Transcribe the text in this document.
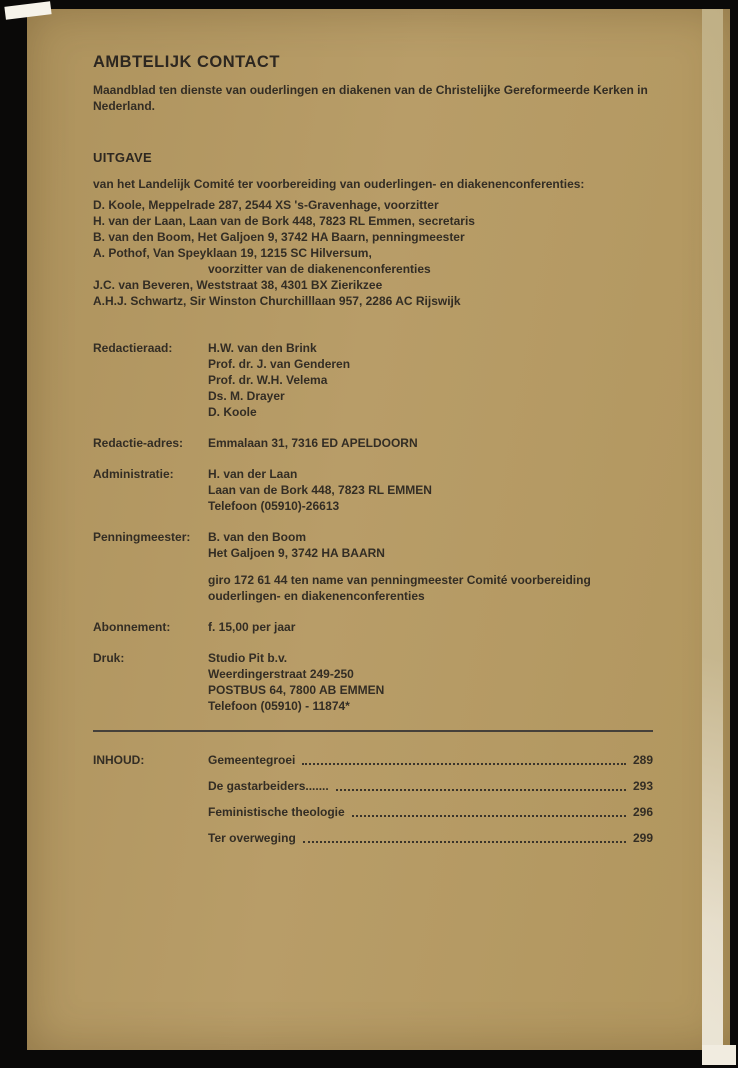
AMBTELIJK CONTACT

Maandblad ten dienste van ouderlingen en diakenen van de Christelijke Gereformeerde Kerken in Nederland.

UITGAVE

van het Landelijk Comité ter voorbereiding van ouderlingen- en diakenenconferenties:

D. Koole, Meppelrade 287, 2544 XS 's-Gravenhage, voorzitter

H. van der Laan, Laan van de Bork 448, 7823 RL Emmen, secretaris

B. van den Boom, Het Galjoen 9, 3742 HA Baarn, penningmeester

A. Pothof, Van Speyklaan 19, 1215 SC Hilversum,

voorzitter van de diakenenconferenties

J.C. van Beveren, Weststraat 38, 4301 BX Zierikzee

A.H.J. Schwartz, Sir Winston Churchilllaan 957, 2286 AC Rijswijk

Redactieraad:	H.W. van den Brink

Prof. dr. J. van Genderen

Prof. dr. W.H. Velema

Ds. M. Drayer

D. Koole

Redactie-adres:	Emmalaan 31, 7316 ED APELDOORN

Administratie:	H. van der Laan

Laan van de Bork 448, 7823 RL EMMEN

Telefoon (05910)-26613

Penningmeester:	B. van den Boom

Het Galjoen 9, 3742 HA BAARN

giro 172 61 44 ten name van penningmeester Comité voorbereiding ouderlingen- en diakenenconferenties

Abonnement:	f. 15,00 per jaar

Druk:	Studio Pit b.v.

Weerdingerstraat 249-250

POSTBUS 64, 7800 AB EMMEN

Telefoon (05910) - 11874*

INHOUD:	Gemeentegroei	289
De gastarbeiders.......	293
Feministische theologie	296
Ter overweging	299
